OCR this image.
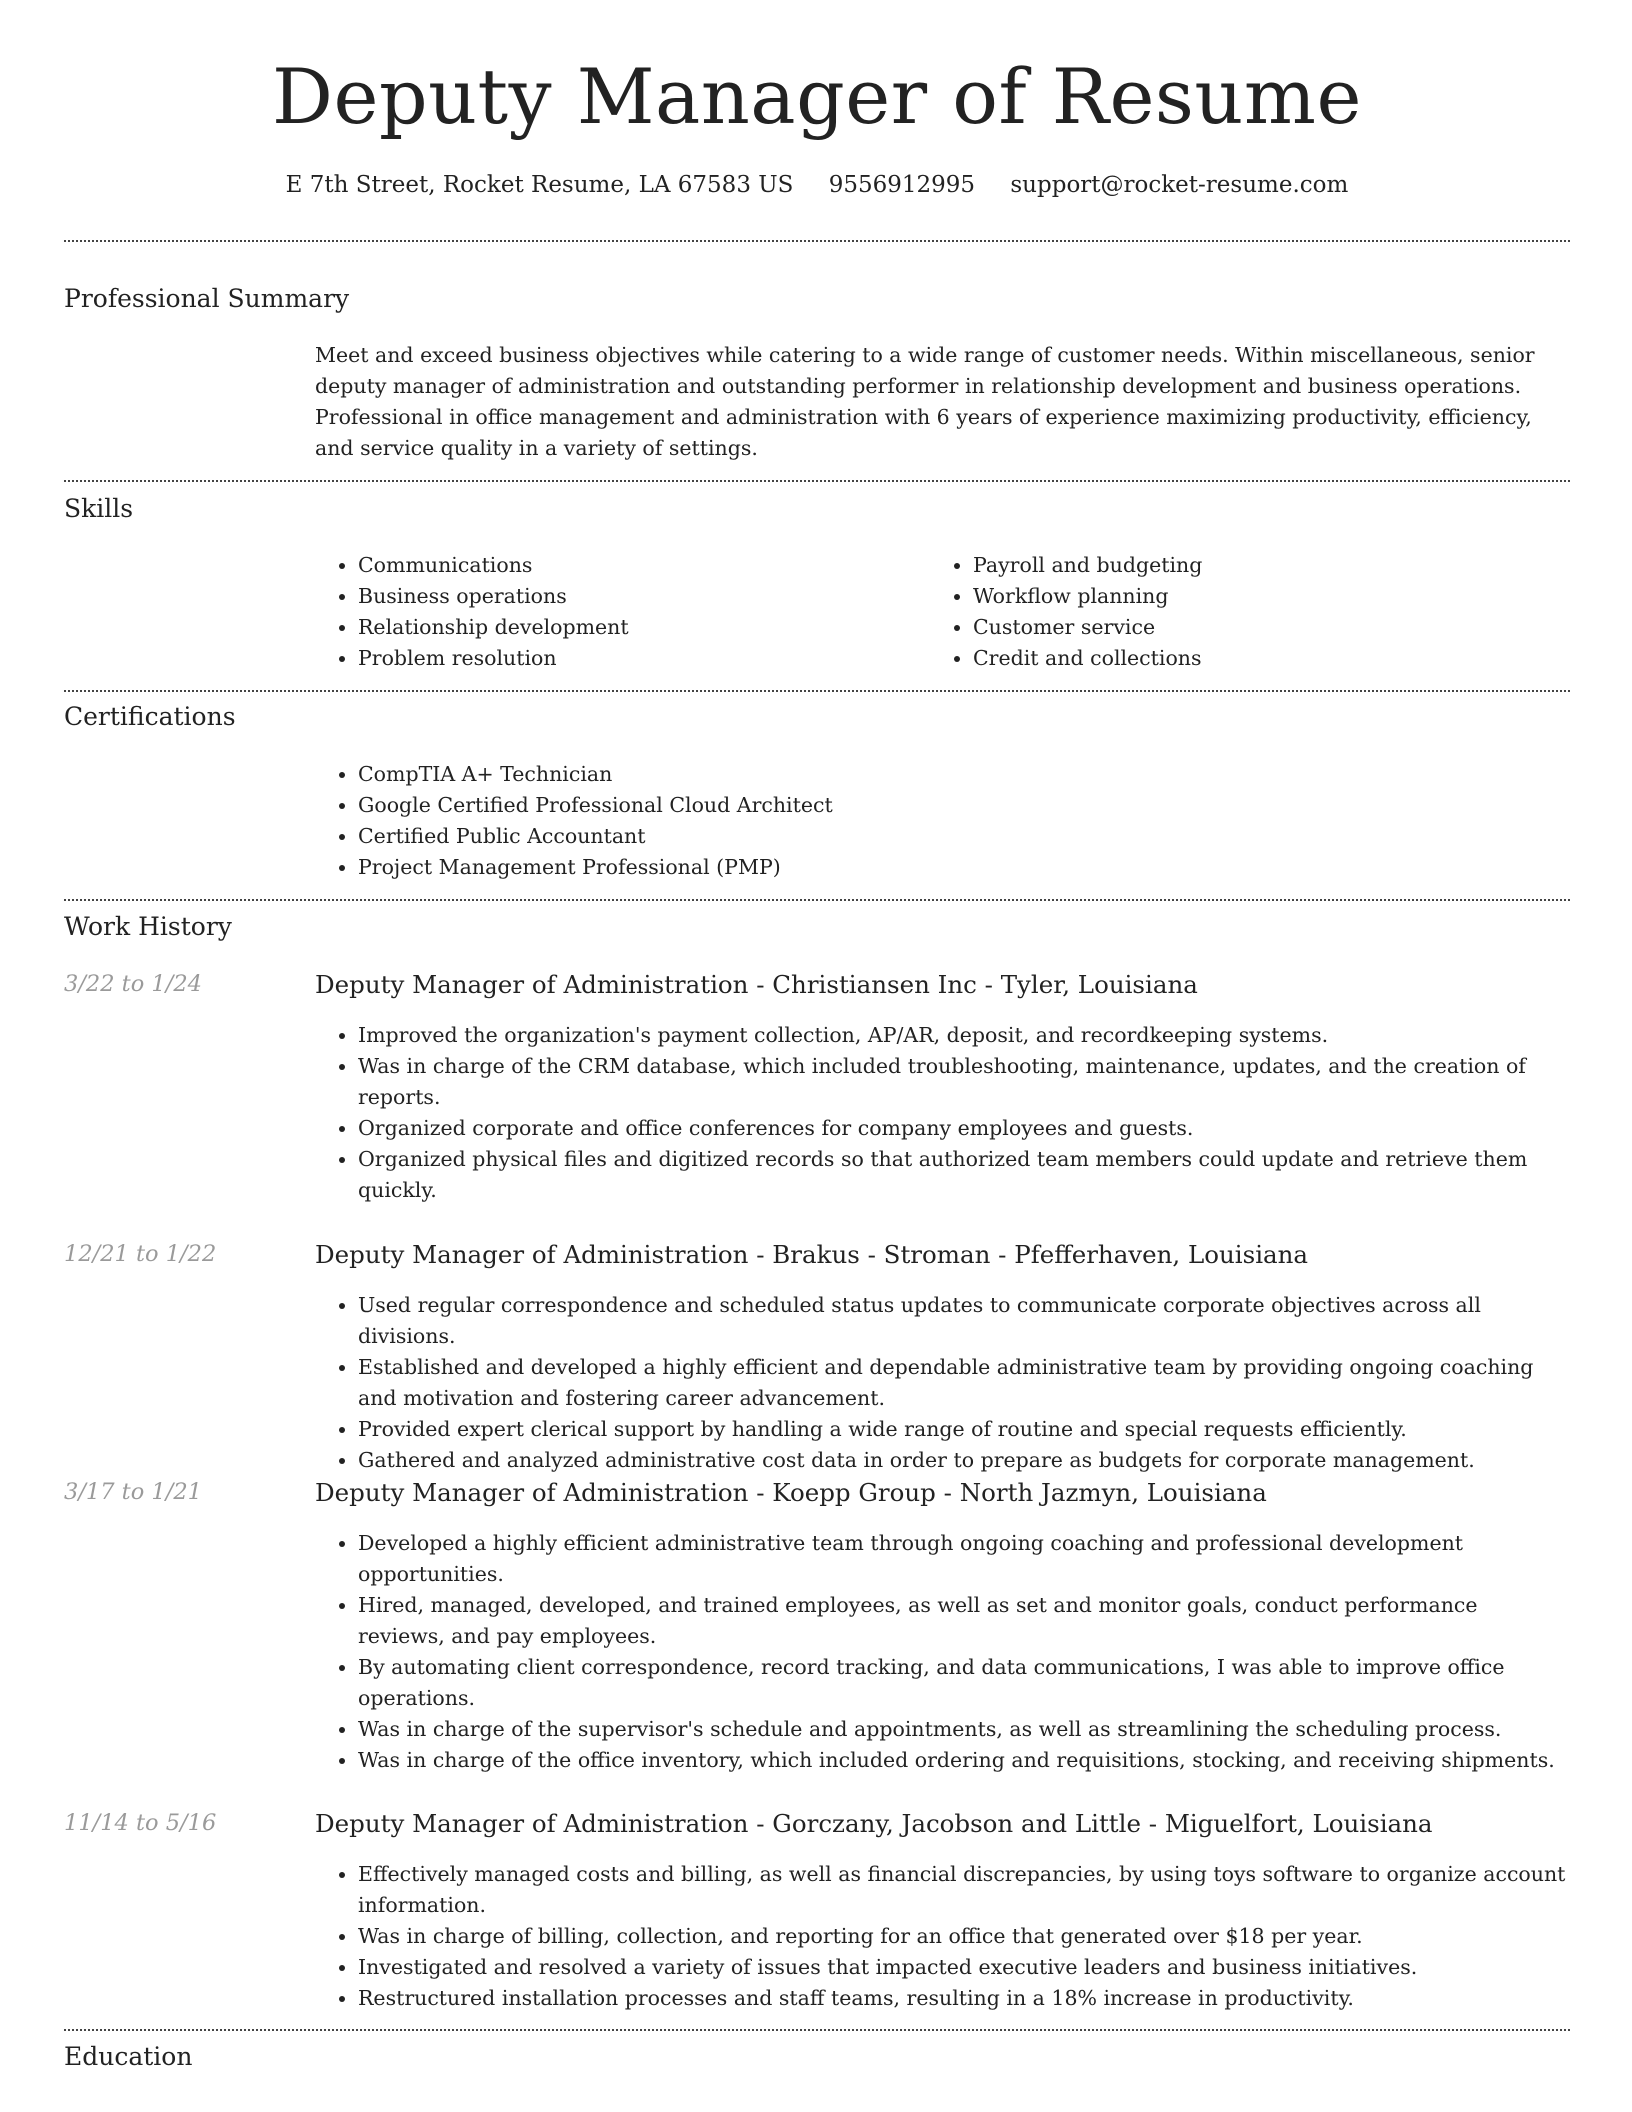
Deputy Manager of Resume
E 7th Street, Rocket Resume, LA 67583 US 9556912995 support@rocket-resume.com
Professional Summary

Meet and exceed business objectives while catering to a wide range of customer needs. Within miscellaneous, senior deputy manager of administration and outstanding performer in relationship development and business operations. Professional in office management and administration with 6 years of experience maximizing productivity, efficiency, and service quality in a variety of settings.

Skills
• Communications
• Business operations
• Relationship development
• Problem resolution
• Payroll and budgeting
• Workflow planning
• Customer service
• Credit and collections
Certifications
• CompTIA A+ Technician
• Google Certified Professional Cloud Architect
• Certified Public Accountant
• Project Management Professional (PMP)
Work History
3/22 to 1/24	Deputy Manager of Administration - Christiansen Inc - Tyler, Louisiana
• Improved the organization's payment collection, AP/AR, deposit, and recordkeeping systems.
• Was in charge of the CRM database, which included troubleshooting, maintenance, updates, and the creation of reports.
• Organized corporate and office conferences for company employees and guests.
• Organized physical files and digitized records so that authorized team members could update and retrieve them quickly.
12/21 to 1/22	Deputy Manager of Administration - Brakus - Stroman - Pfefferhaven, Louisiana
• Used regular correspondence and scheduled status updates to communicate corporate objectives across all divisions.
• Established and developed a highly efficient and dependable administrative team by providing ongoing coaching and motivation and fostering career advancement.
• Provided expert clerical support by handling a wide range of routine and special requests efficiently.
• Gathered and analyzed administrative cost data in order to prepare as budgets for corporate management.
3/17 to 1/21	Deputy Manager of Administration - Koepp Group - North Jazmyn, Louisiana
• Developed a highly efficient administrative team through ongoing coaching and professional development opportunities.
• Hired, managed, developed, and trained employees, as well as set and monitor goals, conduct performance reviews, and pay employees.
• By automating client correspondence, record tracking, and data communications, I was able to improve office operations.
• Was in charge of the supervisor's schedule and appointments, as well as streamlining the scheduling process.
• Was in charge of the office inventory, which included ordering and requisitions, stocking, and receiving shipments.
11/14 to 5/16	Deputy Manager of Administration - Gorczany, Jacobson and Little - Miguelfort, Louisiana
• Effectively managed costs and billing, as well as financial discrepancies, by using toys software to organize account information.
• Was in charge of billing, collection, and reporting for an office that generated over $18 per year.
• Investigated and resolved a variety of issues that impacted executive leaders and business initiatives.
• Restructured installation processes and staff teams, resulting in a 18% increase in productivity.
Education
